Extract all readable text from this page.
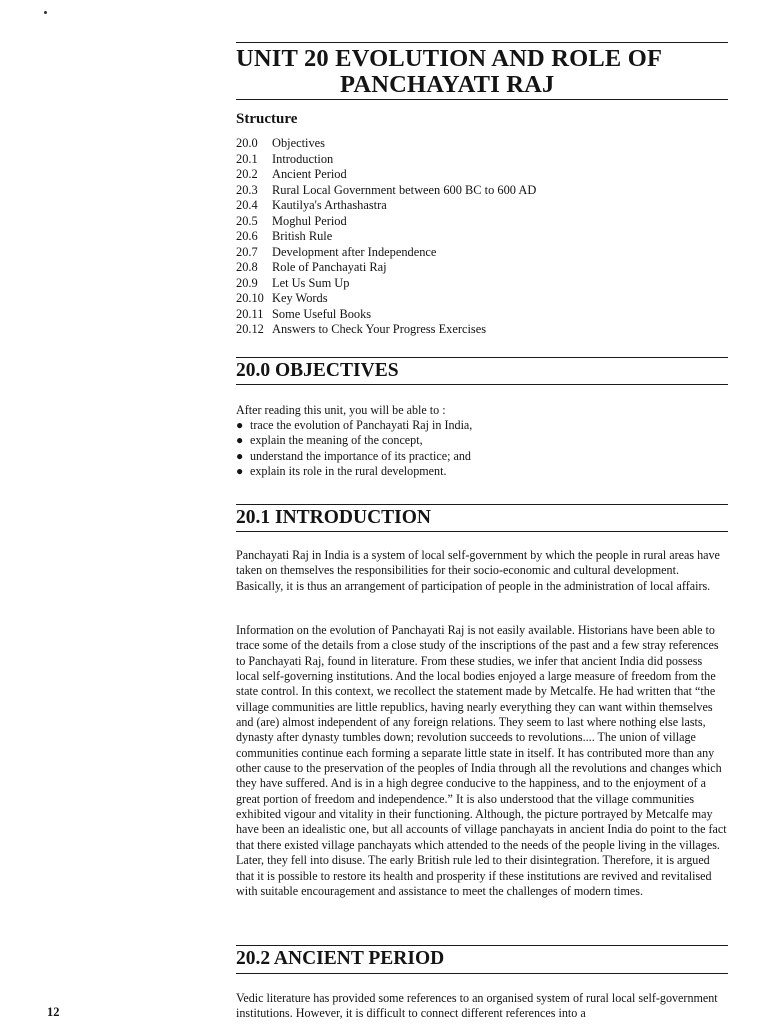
UNIT 20 EVOLUTION AND ROLE OF
PANCHAYATI RAJ
Structure
20.0 Objectives
20.1 Introduction
20.2 Ancient Period
20.3 Rural Local Government between 600 BC to 600 AD
20.4 Kautilya's Arthashastra
20.5 Moghul Period
20.6 British Rule
20.7 Development after Independence
20.8 Role of Panchayati Raj
20.9 Let Us Sum Up
20.10 Key Words
20.11 Some Useful Books
20.12 Answers to Check Your Progress Exercises
20.0 OBJECTIVES

After reading this unit, you will be able to :

● trace the evolution of Panchayati Raj in India,
● explain the meaning of the concept,
● understand the importance of its practice; and
● explain its role in the rural development.
20.1 INTRODUCTION

Panchayati Raj in India is a system of local self-government by which the people in rural areas have taken on themselves the responsibilities for their socio-economic and cultural development. Basically, it is thus an arrangement of participation of people in the administration of local affairs.

Information on the evolution of Panchayati Raj is not easily available. Historians have been able to trace some of the details from a close study of the inscriptions of the past and a few stray references to Panchayati Raj, found in literature. From these studies, we infer that ancient India did possess local self-governing institutions. And the local bodies enjoyed a large measure of freedom from the state control. In this context, we recollect the statement made by Metcalfe. He had written that “the village communities are little republics, having nearly everything they can want within themselves and (are) almost independent of any foreign relations. They seem to last where nothing else lasts, dynasty after dynasty tumbles down; revolution succeeds to revolutions.... The union of village communities continue each forming a separate little state in itself. It has contributed more than any other cause to the preservation of the peoples of India through all the revolutions and changes which they have suffered. And is in a high degree conducive to the happiness, and to the enjoyment of a great portion of freedom and independence.” It is also understood that the village communities exhibited vigour and vitality in their functioning. Although, the picture portrayed by Metcalfe may have been an idealistic one, but all accounts of village panchayats in ancient India do point to the fact that there existed village panchayats which attended to the needs of the people living in the villages. Later, they fell into disuse. The early British rule led to their disintegration. Therefore, it is argued that it is possible to restore its health and prosperity if these institutions are revived and revitalised with suitable encouragement and assistance to meet the challenges of modern times.

20.2 ANCIENT PERIOD

Vedic literature has provided some references to an organised system of rural local self-government institutions. However, it is difficult to connect different references into a

12
